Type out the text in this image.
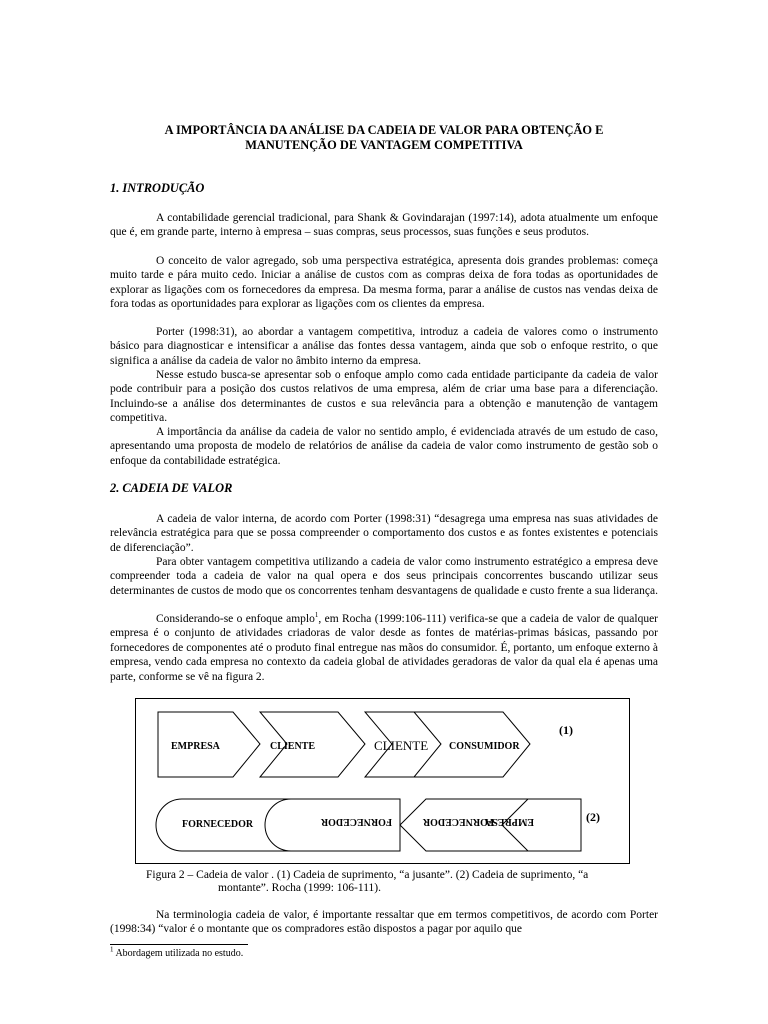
A IMPORTÂNCIA DA ANÁLISE DA CADEIA DE VALOR PARA OBTENÇÃO E
MANUTENÇÃO DE VANTAGEM COMPETITIVA
1. INTRODUÇÃO

A contabilidade gerencial tradicional, para Shank & Govindarajan (1997:14), adota atualmente um enfoque que é, em grande parte, interno à empresa – suas compras, seus processos, suas funções e seus produtos.

O conceito de valor agregado, sob uma perspectiva estratégica, apresenta dois grandes problemas: começa muito tarde e pára muito cedo. Iniciar a análise de custos com as compras deixa de fora todas as oportunidades de explorar as ligações com os fornecedores da empresa. Da mesma forma, parar a análise de custos nas vendas deixa de fora todas as oportunidades para explorar as ligações com os clientes da empresa.

Porter (1998:31), ao abordar a vantagem competitiva, introduz a cadeia de valores como o instrumento básico para diagnosticar e intensificar a análise das fontes dessa vantagem, ainda que sob o enfoque restrito, o que significa a análise da cadeia de valor no âmbito interno da empresa.

Nesse estudo busca-se apresentar sob o enfoque amplo como cada entidade participante da cadeia de valor pode contribuir para a posição dos custos relativos de uma empresa, além de criar uma base para a diferenciação. Incluindo-se a análise dos determinantes de custos e sua relevância para a obtenção e manutenção de vantagem competitiva.

A importância da análise da cadeia de valor no sentido amplo, é evidenciada através de um estudo de caso, apresentando uma proposta de modelo de relatórios de análise da cadeia de valor como instrumento de gestão sob o enfoque da contabilidade estratégica.

2. CADEIA DE VALOR

A cadeia de valor interna, de acordo com Porter (1998:31) “desagrega uma empresa nas suas atividades de relevância estratégica para que se possa compreender o comportamento dos custos e as fontes existentes e potenciais de diferenciação”.

Para obter vantagem competitiva utilizando a cadeia de valor como instrumento estratégico a empresa deve compreender toda a cadeia de valor na qual opera e dos seus principais concorrentes buscando utilizar seus determinantes de custos de modo que os concorrentes tenham desvantagens de qualidade e custo frente a sua liderança.

Considerando-se o enfoque amplo$^1$, em Rocha (1999:106-111) verifica-se que a cadeia de valor de qualquer empresa é o conjunto de atividades criadoras de valor desde as fontes de matérias-primas básicas, passando por fornecedores de componentes até o produto final entregue nas mãos do consumidor. É, portanto, um enfoque externo à empresa, vendo cada empresa no contexto da cadeia global de atividades geradoras de valor da qual ela é apenas uma parte, conforme se vê na figura 2.

EMPRESA	CLIENTE	CLIENTE CONSUMIDOR
(1)
FORNECEDOR	FORNECEDOR	FORNECEDOR
EMPRESA	(2)

Figura 2 – Cadeia de valor . (1) Cadeia de suprimento, “a jusante”. (2) Cadeia de suprimento, “a
montante”. Rocha (1999: 106-111).

Na terminologia cadeia de valor, é importante ressaltar que em termos competitivos, de acordo com Porter (1998:34) “valor é o montante que os compradores estão dispostos a pagar por aquilo que

$^1$ Abordagem utilizada no estudo.
